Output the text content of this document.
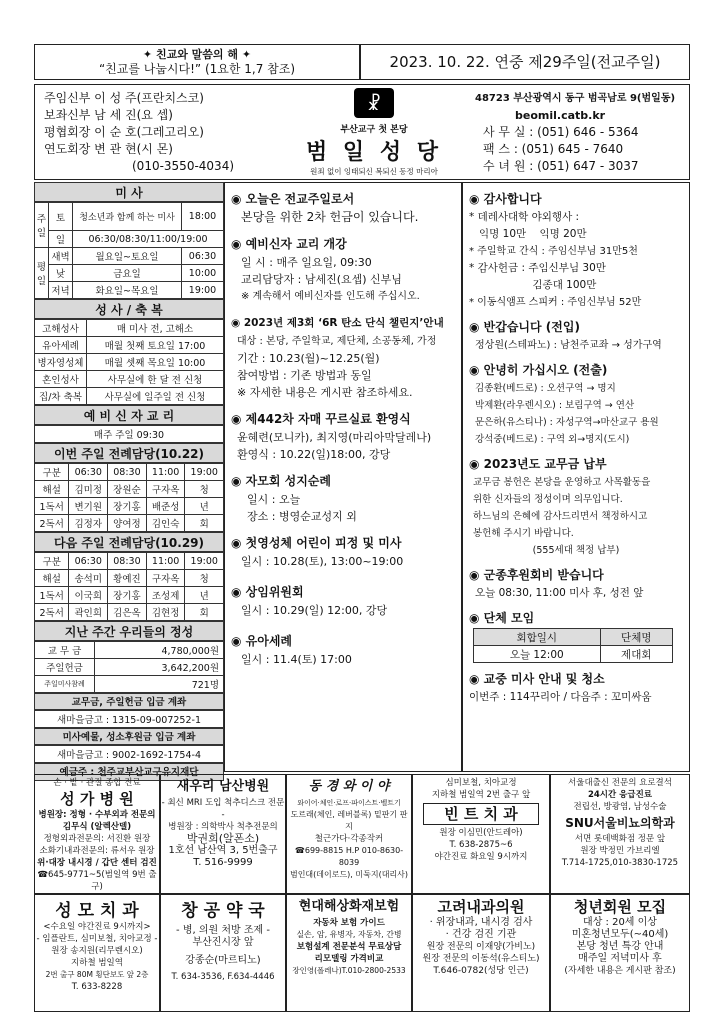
✦ 친교와 말씀의 해 ✦
“친교를 나눕시다!” (1요한 1,7 참조)	2023. 10. 22. 연중 제29주일(전교주일)
주임신부 이 성 주(프란치스코)
보좌신부 남 세 진(요 셉)
평협회장 이 순 호(그레고리오)
연도회장 변 관 현(시 몬)
(010-3550-4034)
☧
부산교구 첫 본당
범 일 성 당
원죄 없이 잉태되신 복되신 동정 마리아
48723 부산광역시 동구 범곡남로 9(범일동)
beomil.catb.kr
사 무 실 : (051) 646 - 5364
팩 스 : (051) 645 - 7640
수 녀 원 : (051) 647 - 3037
미 사
주일	토	청소년과 함께 하는 미사	18:00
	일	06:30/08:30/11:00/19:00	
평일	새벽	월요일~토요일	06:30
	낮	금요일	10:00
	저녁	화요일~목요일	19:00
성 사 / 축 복
고해성사	매 미사 전, 고해소
유아세례	매월 첫째 토요일 17:00
병자영성체	매월 셋째 목요일 10:00
혼인성사	사무실에 한 달 전 신청
집/차 축복	사무실에 일주일 전 신청
예 비 신 자 교 리
매주 주일 09:30
이번 주일 전례담당(10.22)
구분	06:30	08:30	11:00	19:00
해설	김미정	장원순	구자옥	청
1독서	변기원	장기홍	배준성	년
2독서	김정자	양여정	김인숙	회
다음 주일 전례담당(10.29)
구분	06:30	08:30	11:00	19:00
해설	송석미	황예진	구자옥	청
1독서	이국희	장기홍	조성제	년
2독서	곽인희	김은옥	김현정	회
지난 주간 우리들의 정성
교 무 금	4,780,000원
주일헌금	3,642,200원
주일미사참례	721명
교무금, 주일헌금 입금 계좌
새마을금고 : 1315-09-007252-1
미사예물, 성소후원금 입금 계좌
새마을금고 : 9002-1692-1754-4
예금주 : 천주교부산교구유지재단
◉ 오늘은 전교주일로서

본당을 위한 2차 헌금이 있습니다.

◉ 예비신자 교리 개강

일 시 : 매주 일요일, 09:30

교리담당자 : 남세진(요셉) 신부님

※ 계속해서 예비신자를 인도해 주십시오.

◉ 2023년 제3회 ‘6R 탄소 단식 챌린지’안내

대상 : 본당, 주일학교, 제단체, 소공동체, 가정

기간 : 10.23(월)~12.25(월)

참여방법 : 기존 방법과 동일

※ 자세한 내용은 게시판 참조하세요.

◉ 제442차 자매 꾸르실료 환영식

윤혜련(모니카), 최지영(마리아막달레나)

환영식 : 10.22(일)18:00, 강당

◉ 자모회 성지순례

일시 : 오늘

장소 : 병영순교성지 외

◉ 첫영성체 어린이 피정 및 미사

일시 : 10.28(토), 13:00~19:00

◉ 상임위원회

일시 : 10.29(일) 12:00, 강당

◉ 유아세례

일시 : 11.4(토) 17:00

◉ 감사합니다

* 데레사대학 야외행사 :

익명 10만    익명 20만

* 주일학교 간식 : 주임신부님 31만5천

* 감사헌금 : 주임신부님 30만

김종대 100만

* 이동식앰프 스피커 : 주임신부님 52만

◉ 반갑습니다 (전입)

정상원(스테파노) : 남천주교좌 → 성가구역

◉ 안녕히 가십시오 (전출)

김종환(베드로) : 오션구역 → 명지

박제환(라우렌시오) : 보림구역 → 연산

문은하(유스티나) : 자성구역→마산교구 용원

강석중(베드로) : 구역 외→명지(도시)

◉ 2023년도 교무금 납부

교무금 봉헌은 본당을 운영하고 사목활동을

위한 신자들의 정성이며 의무입니다.

하느님의 은혜에 감사드리면서 책정하시고

봉헌해 주시기 바랍니다.

(555세대 책정 납부)

◉ 군종후원회비 받습니다

오늘 08:30, 11:00 미사 후, 성전 앞

◉ 단체 모임
회합일시	단체명
오늘 12:00	제대회
◉ 교중 미사 안내 및 청소

이번주 : 114꾸리아 / 다음주 : 꼬미싸움

손 · 밭 · 관절 종합 진료
성 가 병 원
병원장: 정형 · 수부외과 전문의
김무식 (알렉산델)
정형외과전문의: 서진환 원장
소화기내과전문의: 류서우 원장
위·대장 내시경 / 갑단 센터 검진
☎645-9771~5(범일역 9번 출구)
새우리 남산병원
- 최신 MRI 도입 척추디스크 전문 -
병원장 : 의학박사 척추전문의
박권희(알폰소)
1호선 남산역 3, 5번출구
T. 516-9999
동 경 와 이 야
와이어·체인·로프·파이스트·벨트기
도르래(체인, 레버블록) 밑판기 판지
철근가다·각종작커
☎699-8815 H.P 010-8630-8039
범인대(데이로드), 미둑지(대리사)
심미보철, 치아교정
지하철 범일역 2번 출구 앞
빈 트 치 과
원장 이심민(안드레아)
T. 638-2875~6
야간진료 화요일 9시까지
서울대출신 전문의 요로결석
24시간 응급진료
전립선, 방광염, 남성수술
SNU서울비뇨의학과
서면 롯데백화점 정문 앞
원장 박정민 가브리엘
T.714-1725,010-3830-1725
성 모 치 과
<수요일 야간진료 9시까지>
- 임플란트, 심미보철, 치아교정 -
원장 송지원(리무렌시오)
지하철 범일역
2번 출구 80M 횡단보도 앞 2층
T. 633-8228
창 공 약 국
- 병, 의원 처방 조제 -
부산진시장 앞
강종순(마르티노)
T. 634-3536, F.634-4446
현대해상화재보험
자동차 보험 가이드
실손, 암, 유병자, 자동차, 간병
보험설계 전문분석 무료상담
리모델링 가격비교
장인영(폴레나)T.010-2800-2533
고려내과의원
· 위장내과, 내시경 검사
· 건강 검진 기관
원장 전문의 이재양(가비노)
원장 전문의 이동석(유스티노)
T.646-0782(성당 인근)
청년회원 모집
대상 : 20세 이상
미혼청년모두(~40세)
본당 청년 특강 안내
매주일 저녁미사 후
(자세한 내용은 게시판 참조)
